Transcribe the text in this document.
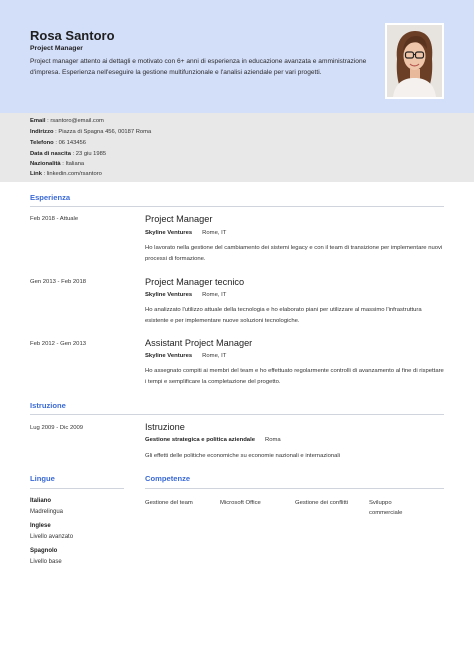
Rosa Santoro
Project Manager
Project manager attento ai dettagli e motivato con 6+ anni di esperienza in educazione avanzata e amministrazione d'impresa. Esperienza nell'eseguire la gestione multifunzionale e l'analisi aziendale per vari progetti.
Email : rsantoro@email.com
Indirizzo : Piazza di Spagna 456, 00187 Roma
Telefono : 06 143456
Data di nascita : 23 giu 1985
Nazionalità : Italiana
Link : linkedin.com/rsantoro
Esperienza
Feb 2018 - Attuale	Project Manager
Skyline Ventures Rome, IT
Ho lavorato nella gestione del cambiamento dei sistemi legacy e con il team di transizione per implementare nuovi processi di formazione.
Gen 2013 - Feb 2018	Project Manager tecnico
Skyline Ventures Rome, IT
Ho analizzato l'utilizzo attuale della tecnologia e ho elaborato piani per utilizzare al massimo l'infrastruttura esistente e per implementare nuove soluzioni tecnologiche.
Feb 2012 - Gen 2013	Assistant Project Manager
Skyline Ventures Rome, IT
Ho assegnato compiti ai membri del team e ho effettuato regolarmente controlli di avanzamento al fine di rispettare i tempi e semplificare la completazione del progetto.
Istruzione
Lug 2009 - Dic 2009	Istruzione
Gestione strategica e politica aziendale Roma
Gli effetti delle politiche economiche su economie nazionali e internazionali
Lingue
Italiano
Madrelingua
Inglese
Livello avanzato
Spagnolo
Livello base
Competenze
Gestione del team	Microsoft Office	Gestione dei conflitti	Sviluppo commerciale
